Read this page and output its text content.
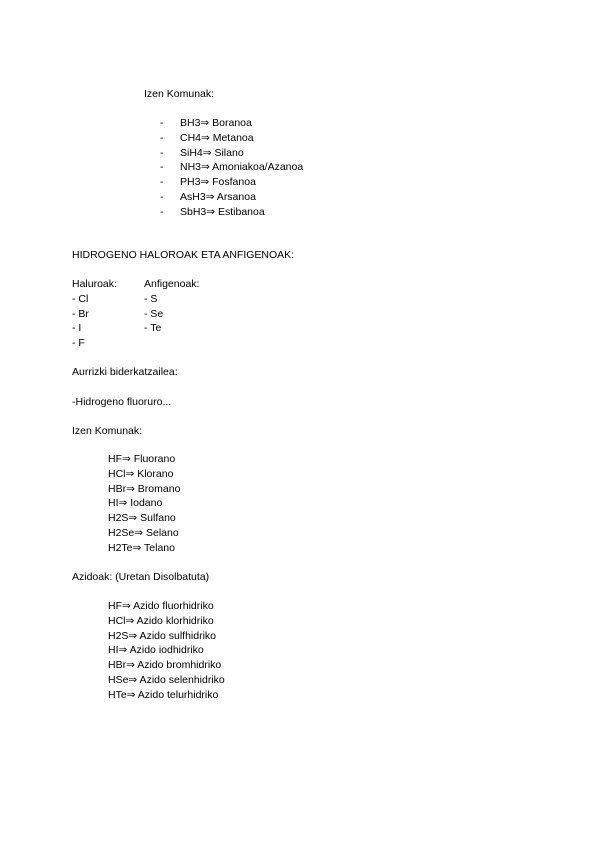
Izen Komunak:
-
-
-
-
-
-
-
BH3⇒ Boranoa
CH4⇒ Metanoa
SiH4⇒ Silano
NH3⇒ Amoniakoa/Azanoa
PH3⇒ Fosfanoa
AsH3⇒ Arsanoa
SbH3⇒ Estibanoa
HIDROGENO HALOROAK ETA ANFIGENOAK:
Haluroak:
- Cl
- Br
- I
- F
Anfigenoak:
- S
- Se
- Te
Aurrizki biderkatzailea:
-Hidrogeno fluoruro...
Izen Komunak:
HF⇒ Fluorano
HCl⇒ Klorano
HBr⇒ Bromano
HI⇒ Iodano
H2S⇒ Sulfano
H2Se⇒ Selano
H2Te⇒ Telano
Azidoak: (Uretan Disolbatuta)
HF⇒ Azido fluorhidriko
HCl⇒ Azido klorhidriko
H2S⇒ Azido sulfhidriko
HI⇒ Azido iodhidriko
HBr⇒ Azido bromhidriko
HSe⇒ Azido selenhidriko
HTe⇒ Azido telurhidriko
